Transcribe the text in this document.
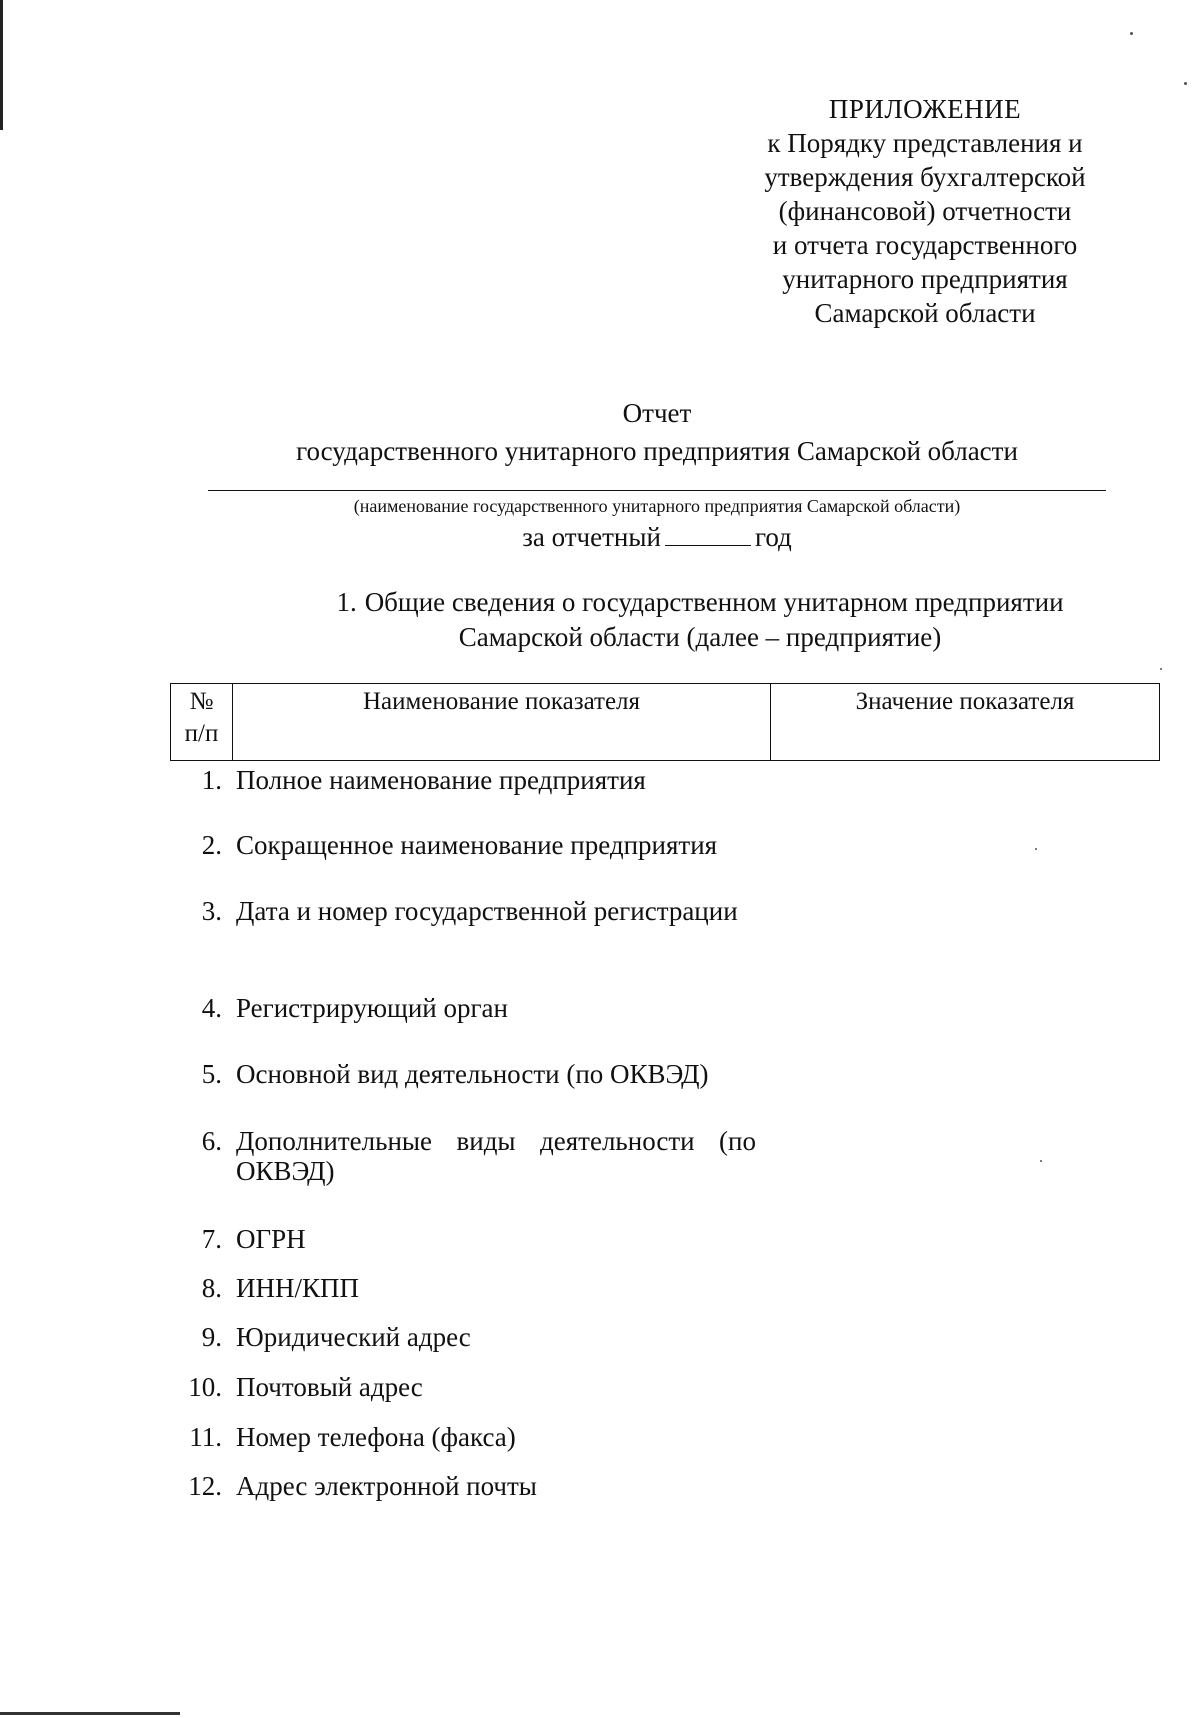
ПРИЛОЖЕНИЕ
к Порядку представления и
утверждения бухгалтерской
(финансовой) отчетности
и отчета государственного
унитарного предприятия
Самарской области
Отчет
государственного унитарного предприятия Самарской области
(наименование государственного унитарного предприятия Самарской области)
за отчетный	год
1. Общие сведения о государственном унитарном предприятии
Самарской области (далее – предприятие)
№
п/п
Наименование показателя	Значение показателя
1. Полное наименование предприятия
2. Сокращенное наименование предприятия
3. Дата и номер государственной регистрации
4. Регистрирующий орган
5. Основной вид деятельности (по ОКВЭД)
6. Дополнительные виды деятельности (по ОКВЭД)
7. ОГРН
8. ИНН/КПП
9. Юридический адрес
10. Почтовый адрес
11. Номер телефона (факса)
12. Адрес электронной почты
